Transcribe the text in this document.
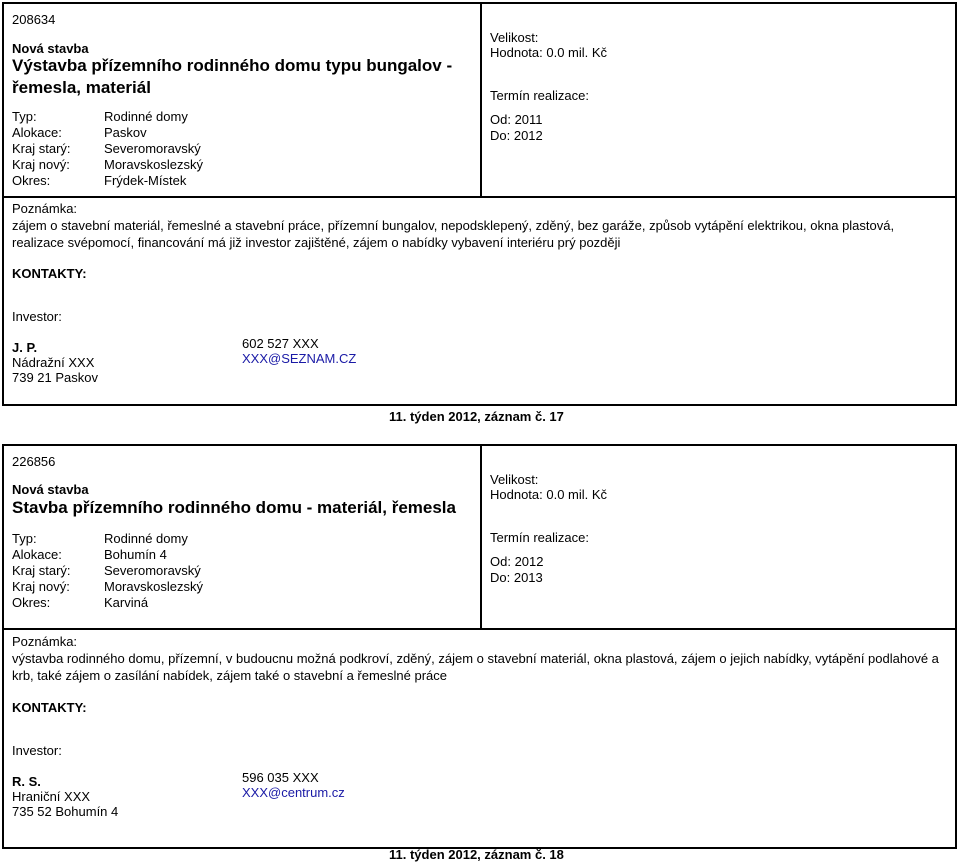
208634
Nová stavba
Výstavba přízemního rodinného domu typu bungalov -
řemesla, materiál
Typ:	Rodinné domy
Alokace:	Paskov
Kraj starý:	Severomoravský
Kraj nový:	Moravskoslezský
Okres:	Frýdek-Místek
Velikost:
Hodnota: 0.0 mil. Kč
Termín realizace:
Od: 2011
Do: 2012
Poznámka:
zájem o stavební materiál, řemeslné a stavební práce, přízemní bungalov, nepodsklepený, zděný, bez garáže, způsob vytápění elektrikou, okna plastová, realizace svépomocí, financování má již investor zajištěné, zájem o nabídky vybavení interiéru prý později
KONTAKTY:
Investor:
J. P.
Nádražní XXX
739 21 Paskov
602 527 XXX
XXX@SEZNAM.CZ
11. týden 2012, záznam č. 17
226856
Nová stavba
Stavba přízemního rodinného domu - materiál, řemesla
Typ:	Rodinné domy
Alokace:	Bohumín 4
Kraj starý:	Severomoravský
Kraj nový:	Moravskoslezský
Okres:	Karviná
Velikost:
Hodnota: 0.0 mil. Kč
Termín realizace:
Od: 2012
Do: 2013
Poznámka:
výstavba rodinného domu, přízemní, v budoucnu možná podkroví, zděný, zájem o stavební materiál, okna plastová, zájem o jejich nabídky, vytápění podlahové a krb, také zájem o zasílání nabídek, zájem také o stavební a řemeslné práce
KONTAKTY:
Investor:
R. S.
Hraniční XXX
735 52 Bohumín 4
596 035 XXX
XXX@centrum.cz
11. týden 2012, záznam č. 18
